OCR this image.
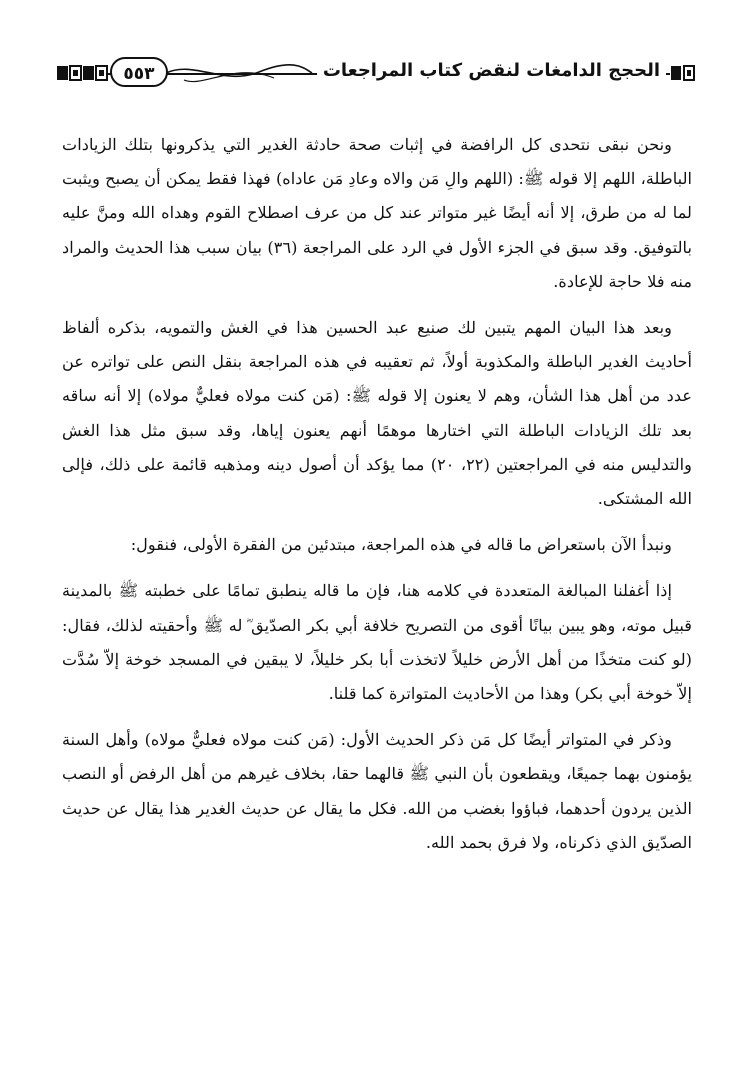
الحجج الدامغات لنقض كتاب المراجعات
٥٥٣

ونحن نبقى نتحدى كل الرافضة في إثبات صحة حادثة الغدير التي يذكرونها بتلك الزيادات الباطلة، اللهم إلا قوله ﷺ: (اللهم والِ مَن والاه وعادِ مَن عاداه) فهذا فقط يمكن أن يصبح ويثبت لما له من طرق، إلا أنه أيضًا غير متواتر عند كل من عرف اصطلاح القوم وهداه الله ومنَّ عليه بالتوفيق. وقد سبق في الجزء الأول في الرد على المراجعة (٣٦) بيان سبب هذا الحديث والمراد منه فلا حاجة للإعادة.

وبعد هذا البيان المهم يتبين لك صنيع عبد الحسين هذا في الغش والتمويه، بذكره ألفاظ أحاديث الغدير الباطلة والمكذوبة أولاً، ثم تعقيبه في هذه المراجعة بنقل النص على تواتره عن عدد من أهل هذا الشأن، وهم لا يعنون إلا قوله ﷺ: (مَن كنت مولاه فعليٌّ مولاه) إلا أنه ساقه بعد تلك الزيادات الباطلة التي اختارها موهمًا أنهم يعنون إياها، وقد سبق مثل هذا الغش والتدليس منه في المراجعتين (٢٢، ٢٠) مما يؤكد أن أصول دينه ومذهبه قائمة على ذلك، فإلى الله المشتكى.

ونبدأ الآن باستعراض ما قاله في هذه المراجعة، مبتدئين من الفقرة الأولى، فنقول:

إذا أغفلنا المبالغة المتعددة في كلامه هنا، فإن ما قاله ينطبق تمامًا على خطبته ﷺ بالمدينة قبيل موته، وهو يبين بيانًا أقوى من التصريح خلافة أبي بكر الصدّيق ؓ له ﷺ وأحقيته لذلك، فقال: (لو كنت متخذًا من أهل الأرض خليلاً لاتخذت أبا بكر خليلاً، لا يبقين في المسجد خوخة إلاّ سُدَّت إلاّ خوخة أبي بكر) وهذا من الأحاديث المتواترة كما قلنا.

وذكر في المتواتر أيضًا كل مَن ذكر الحديث الأول: (مَن كنت مولاه فعليٌّ مولاه) وأهل السنة يؤمنون بهما جميعًا، ويقطعون بأن النبي ﷺ قالهما حقا، بخلاف غيرهم من أهل الرفض أو النصب الذين يردون أحدهما، فباؤوا بغضب من الله. فكل ما يقال عن حديث الغدير هذا يقال عن حديث الصدّيق الذي ذكرناه، ولا فرق بحمد الله.
